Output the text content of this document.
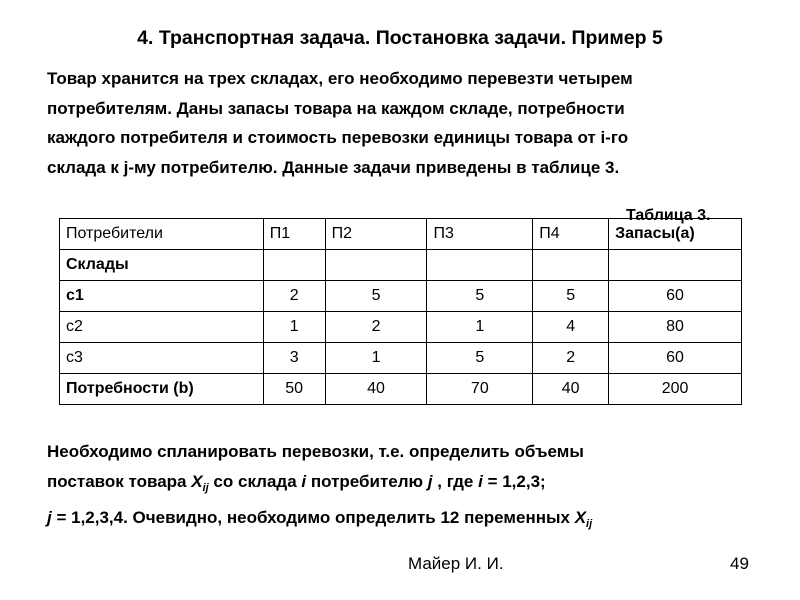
4. Транспортная задача. Постановка задачи. Пример 5

Товар хранится на трех складах, его необходимо перевезти четырем

потребителям. Даны запасы товара на каждом складе, потребности

каждого потребителя и стоимость перевозки единицы товара от i-го

склада к j-му потребителю. Данные задачи приведены в таблице 3.

Таблица 3.
Потребители	П1	П2	П3	П4	Запасы(a)
Склады					
с1	2	5	5	5	60
с2	1	2	1	4	80
с3	3	1	5	2	60
Потребности (b)	50	40	70	40	200

Необходимо спланировать перевозки, т.е. определить объемы

поставок товара $X_{ij}$ со склада i потребителю j , где i = 1,2,3;

j = 1,2,3,4. Очевидно, необходимо определить 12 переменных $X_{ij}$

Майер И. И.	49
